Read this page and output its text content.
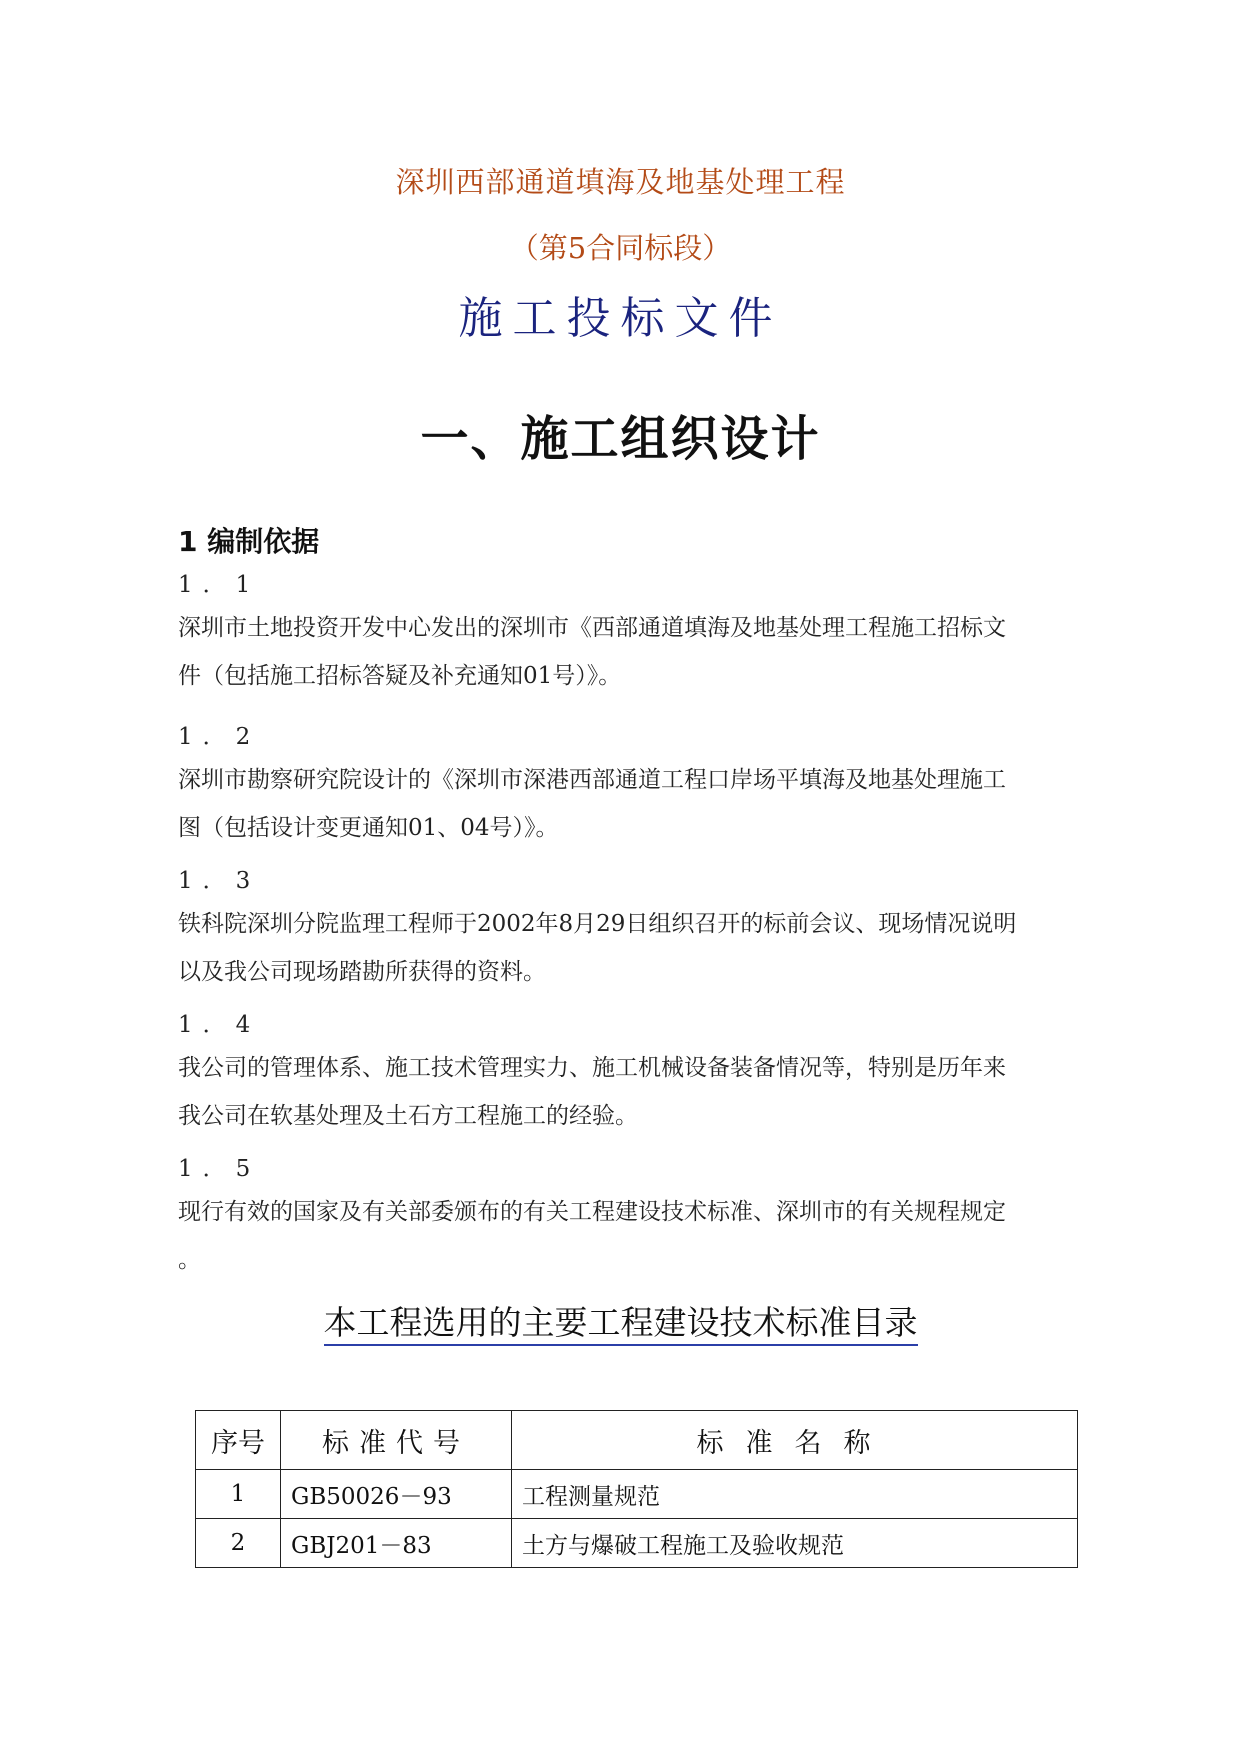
深圳西部通道填海及地基处理工程
（第5合同标段）
施工投标文件
一、施工组织设计
1 编制依据
1．1
深圳市土地投资开发中心发出的深圳市《西部通道填海及地基处理工程施工招标文
件（包括施工招标答疑及补充通知01号）》。
1．2
深圳市勘察研究院设计的《深圳市深港西部通道工程口岸场平填海及地基处理施工
图（包括设计变更通知01、04号）》。
1．3
铁科院深圳分院监理工程师于2002年8月29日组织召开的标前会议、现场情况说明
以及我公司现场踏勘所获得的资料。
1．4
我公司的管理体系、施工技术管理实力、施工机械设备装备情况等，特别是历年来
我公司在软基处理及土石方工程施工的经验。
1．5
现行有效的国家及有关部委颁布的有关工程建设技术标准、深圳市的有关规程规定
。
本工程选用的主要工程建设技术标准目录
序号	标准代号	标准名称
1	GB50026－93	工程测量规范
2	GBJ201－83	土方与爆破工程施工及验收规范
